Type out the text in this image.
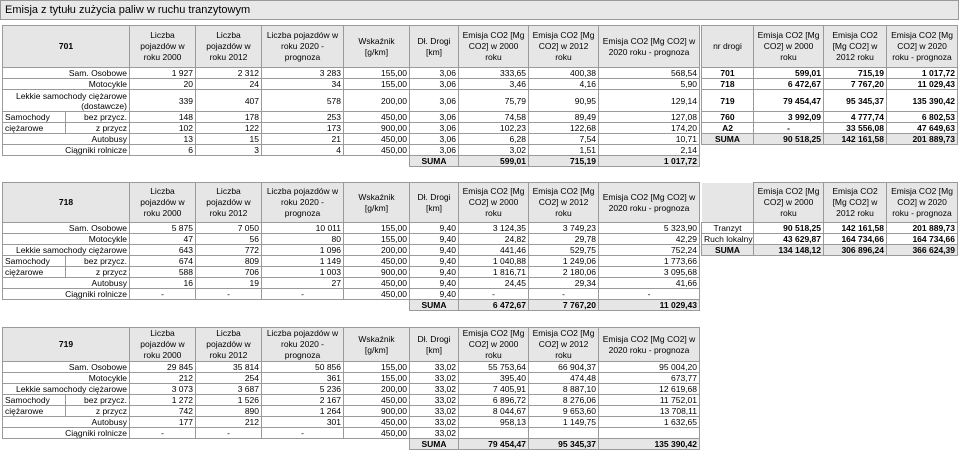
Emisja z tytułu zużycia paliw w ruchu tranzytowym
701		Liczba pojazdów w roku 2000	Liczba pojazdów w roku 2012	Liczba pojazdów w roku 2020 - prognoza	Wskaźnik [g/km]	Dł. Drogi [km]	Emisja CO2 [Mg CO2] w 2000 roku	Emisja CO2 [Mg CO2] w 2012 roku	Emisja CO2 [Mg CO2] w 2020 roku - prognoza
Sam. Osobowe		1 927	2 312	3 283	155,00	3,06	333,65	400,38	568,54
Motocykle		20	24	34	155,00	3,06	3,46	4,16	5,90
Lekkie samochody ciężarowe
(dostawcze)		339	407	578	200,00	3,06	75,79	90,95	129,14
Samochody	bez przycz.	148	178	253	450,00	3,06	74,58	89,49	127,08
ciężarowe	z przycz	102	122	173	900,00	3,06	102,23	122,68	174,20
Autobusy		13	15	21	450,00	3,06	6,28	7,54	10,71
Ciągniki rolnicze		6	3	4	450,00	3,06	3,02	1,51	2,14
						SUMA	599,01	715,19	1 017,72
nr drogi	Emisja CO2 [Mg CO2] w 2000 roku	Emisja CO2 [Mg CO2] w 2012 roku	Emisja CO2 [Mg CO2] w 2020 roku - prognoza
701	599,01	715,19	1 017,72
718	6 472,67	7 767,20	11 029,43
719	79 454,47	95 345,37	135 390,42
760	3 992,09	4 777,74	6 802,53
A2	-	33 556,08	47 649,63
SUMA	90 518,25	142 161,58	201 889,73
718		Liczba pojazdów w roku 2000	Liczba pojazdów w roku 2012	Liczba pojazdów w roku 2020 - prognoza	Wskaźnik [g/km]	Dł. Drogi [km]	Emisja CO2 [Mg CO2] w 2000 roku	Emisja CO2 [Mg CO2] w 2012 roku	Emisja CO2 [Mg CO2] w 2020 roku - prognoza
Sam. Osobowe		5 875	7 050	10 011	155,00	9,40	3 124,35	3 749,23	5 323,90
Motocykle		47	56	80	155,00	9,40	24,82	29,78	42,29
Lekkie samochody ciężarowe		643	772	1 096	200,00	9,40	441,46	529,75	752,24
Samochody	bez przycz.	674	809	1 149	450,00	9,40	1 040,88	1 249,06	1 773,66
ciężarowe	z przycz	588	706	1 003	900,00	9,40	1 816,71	2 180,06	3 095,68
Autobusy		16	19	27	450,00	9,40	24,45	29,34	41,66
Ciągniki rolnicze		-	-	-	450,00	9,40	-	-	-
						SUMA	6 472,67	7 767,20	11 029,43
	Emisja CO2 [Mg CO2] w 2000 roku	Emisja CO2 [Mg CO2] w 2012 roku	Emisja CO2 [Mg CO2] w 2020 roku - prognoza
Tranzyt	90 518,25	142 161,58	201 889,73
Ruch lokalny	43 629,87	164 734,66	164 734,66
SUMA	134 148,12	306 896,24	366 624,39
719		Liczba pojazdów w roku 2000	Liczba pojazdów w roku 2012	Liczba pojazdów w roku 2020 - prognoza	Wskaźnik [g/km]	Dł. Drogi [km]	Emisja CO2 [Mg CO2] w 2000 roku	Emisja CO2 [Mg CO2] w 2012 roku	Emisja CO2 [Mg CO2] w 2020 roku - prognoza
Sam. Osobowe		29 845	35 814	50 856	155,00	33,02	55 753,64	66 904,37	95 004,20
Motocykle		212	254	361	155,00	33,02	395,40	474,48	673,77
Lekkie samochody ciężarowe		3 073	3 687	5 236	200,00	33,02	7 405,91	8 887,10	12 619,68
Samochody	bez przycz.	1 272	1 526	2 167	450,00	33,02	6 896,72	8 276,06	11 752,01
ciężarowe	z przycz	742	890	1 264	900,00	33,02	8 044,67	9 653,60	13 708,11
Autobusy		177	212	301	450,00	33,02	958,13	1 149,75	1 632,65
Ciągniki rolnicze		-	-	-	450,00	33,02			
						SUMA	79 454,47	95 345,37	135 390,42
